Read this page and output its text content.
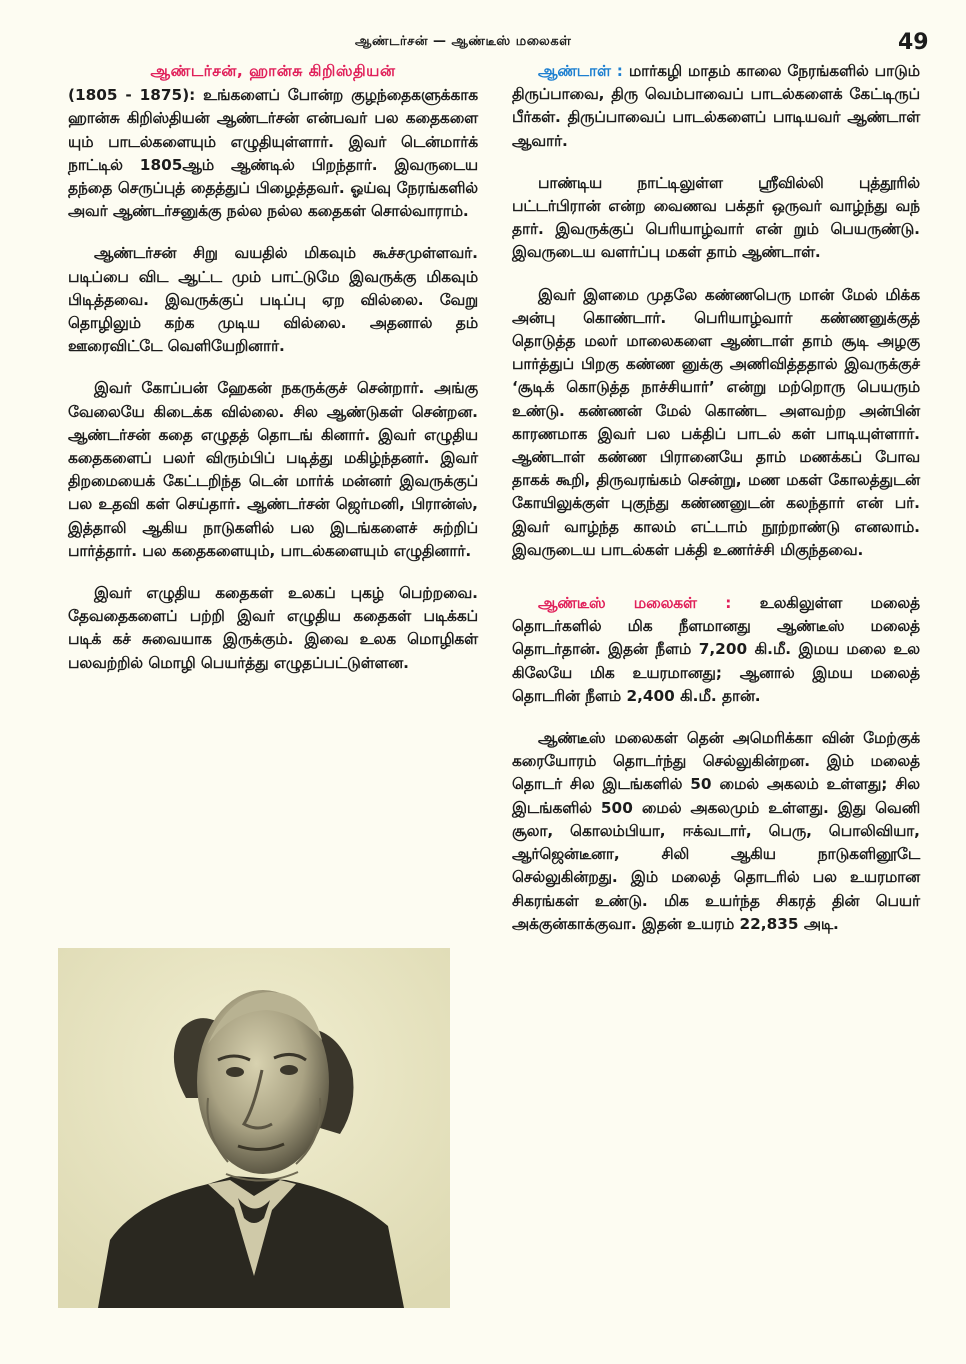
ஆண்டர்சன் — ஆண்டீஸ் மலைகள்	49
ஆண்டர்சன், ஹான்சு கிறிஸ்தியன்

(1805 - 1875): உங்களைப் போன்ற குழந்தைகளுக்காக ஹான்சு கிறிஸ்தியன் ஆண்டர்சன் என்பவர் பல கதைகளை யும் பாடல்களையும் எழுதியுள்ளார். இவர் டென்மார்க் நாட்டில் 1805ஆம் ஆண்டில் பிறந்தார். இவருடைய தந்தை செருப்புத் தைத்துப் பிழைத்தவர். ஓய்வு நேரங்களில் அவர் ஆண்டர்சனுக்கு நல்ல நல்ல கதைகள் சொல்வாராம்.

ஆண்டர்சன் சிறு வயதில் மிகவும் கூச்சமுள்ளவர். படிப்பை விட ஆட்ட மும் பாட்டுமே இவருக்கு மிகவும் பிடித்தவை. இவருக்குப் படிப்பு ஏற வில்லை. வேறு தொழிலும் கற்க முடிய வில்லை. அதனால் தம் ஊரைவிட்டே வெளியேறினார்.

இவர் கோப்பன் ஹேகன் நகருக்குச் சென்றார். அங்கு வேலையே கிடைக்க வில்லை. சில ஆண்டுகள் சென்றன. ஆண்டர்சன் கதை எழுதத் தொடங் கினார். இவர் எழுதிய கதைகளைப் பலர் விரும்பிப் படித்து மகிழ்ந்தனர். இவர் திறமையைக் கேட்டறிந்த டென் மார்க் மன்னர் இவருக்குப் பல உதவி கள் செய்தார். ஆண்டர்சன் ஜெர்மனி, பிரான்ஸ், இத்தாலி ஆகிய நாடுகளில் பல இடங்களைச் சுற்றிப் பார்த்தார். பல கதைகளையும், பாடல்களையும் எழுதினார்.

இவர் எழுதிய கதைகள் உலகப் புகழ் பெற்றவை. தேவதைகளைப் பற்றி இவர் எழுதிய கதைகள் படிக்கப் படிக் கச் சுவையாக இருக்கும். இவை உலக மொழிகள் பலவற்றில் மொழி பெயர்த்து எழுதப்பட்டுள்ளன.

ஆண்டாள் : மார்கழி மாதம் காலை நேரங்களில் பாடும் திருப்பாவை, திரு வெம்பாவைப் பாடல்களைக் கேட்டிருப் பீர்கள். திருப்பாவைப் பாடல்களைப் பாடியவர் ஆண்டாள் ஆவார்.

பாண்டிய நாட்டிலுள்ள ஸ்ரீவில்லி புத்தூரில் பட்டர்பிரான் என்ற வைணவ பக்தர் ஒருவர் வாழ்ந்து வந் தார். இவருக்குப் பெரியாழ்வார் என் றும் பெயருண்டு. இவருடைய வளர்ப்பு மகள் தாம் ஆண்டாள்.

இவர் இளமை முதலே கண்ணபெரு மான் மேல் மிக்க அன்பு கொண்டார். பெரியாழ்வார் கண்ணனுக்குத் தொடுத்த மலர் மாலைகளை ஆண்டாள் தாம் சூடி அழகு பார்த்துப் பிறகு கண்ண னுக்கு அணிவித்ததால் இவருக்குச் ‘சூடிக் கொடுத்த நாச்சியார்’ என்று மற்றொரு பெயரும் உண்டு. கண்ணன் மேல் கொண்ட அளவற்ற அன்பின் காரணமாக இவர் பல பக்திப் பாடல் கள் பாடியுள்ளார். ஆண்டாள் கண்ண பிரானையே தாம் மணக்கப் போவ தாகக் கூறி, திருவரங்கம் சென்று, மண மகள் கோலத்துடன் கோயிலுக்குள் புகுந்து கண்ணனுடன் கலந்தார் என் பர். இவர் வாழ்ந்த காலம் எட்டாம் நூற்றாண்டு எனலாம். இவருடைய பாடல்கள் பக்தி உணர்ச்சி மிகுந்தவை.

ஆண்டீஸ் மலைகள் : உலகிலுள்ள மலைத் தொடர்களில் மிக நீளமானது ஆண்டீஸ் மலைத் தொடர்தான். இதன் நீளம் 7,200 கி.மீ. இமய மலை உல கிலேயே மிக உயரமானது; ஆனால் இமய மலைத் தொடரின் நீளம் 2,400 கி.மீ. தான்.

ஆண்டீஸ் மலைகள் தென் அமெரிக்கா வின் மேற்குக் கரையோரம் தொடர்ந்து செல்லுகின்றன. இம் மலைத் தொடர் சில இடங்களில் 50 மைல் அகலம் உள்ளது; சில இடங்களில் 500 மைல் அகலமும் உள்ளது. இது வெனி சூலா, கொலம்பியா, ஈக்வடார், பெரு, பொலிவியா, ஆர்ஜென்டீனா, சிலி ஆகிய நாடுகளினூடே செல்லுகின்றது. இம் மலைத் தொடரில் பல உயரமான சிகரங்கள் உண்டு. மிக உயர்ந்த சிகரத் தின் பெயர் அக்குன்காக்குவா. இதன் உயரம் 22,835 அடி.
